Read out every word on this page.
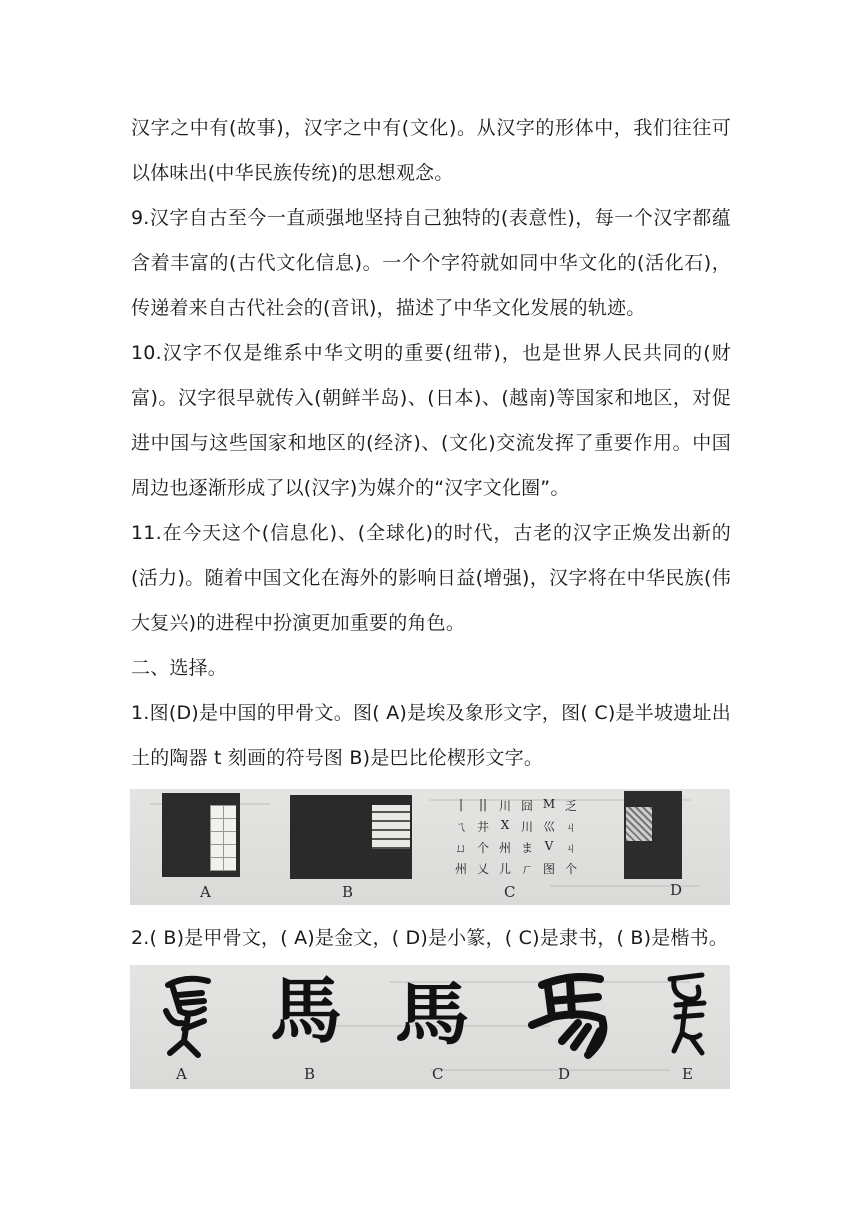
汉字之中有(故事)，汉字之中有(文化)。从汉字的形体中，我们往往可以体味出(中华民族传统)的思想观念。

9.汉字自古至今一直顽强地坚持自己独特的(表意性)，每一个汉字都蕴含着丰富的(古代文化信息)。一个个字符就如同中华文化的(活化石)，传递着来自古代社会的(音讯)，描述了中华文化发展的轨迹。

10.汉字不仅是维系中华文明的重要(纽带)，也是世界人民共同的(财富)。汉字很早就传入(朝鲜半岛)、(日本)、(越南)等国家和地区，对促进中国与这些国家和地区的(经济)、(文化)交流发挥了重要作用。中国周边也逐渐形成了以(汉字)为媒介的“汉字文化圈”。

11.在今天这个(信息化)、(全球化)的时代，古老的汉字正焕发出新的(活力)。随着中国文化在海外的影响日益(增强)，汉字将在中华民族(伟大复兴)的进程中扮演更加重要的角色。

二、选择。

1.图(D)是中国的甲骨文。图( A)是埃及象形文字，图( C)是半坡遗址出土的陶器 t 刻画的符号图 B)是巴比伦楔形文字。

A	B
|	|| 川 囧 M 乏
ㄟ 井 X 川 巛 ㄐ
ㄩ 个 州 ま V ㄐ
州 乂 儿 ㄏ 图 个
C	D

2.( B)是甲骨文，( A)是金文，( D)是小篆，( C)是隶书，( B)是楷书。

A
馬
B
馬
C	D	E
